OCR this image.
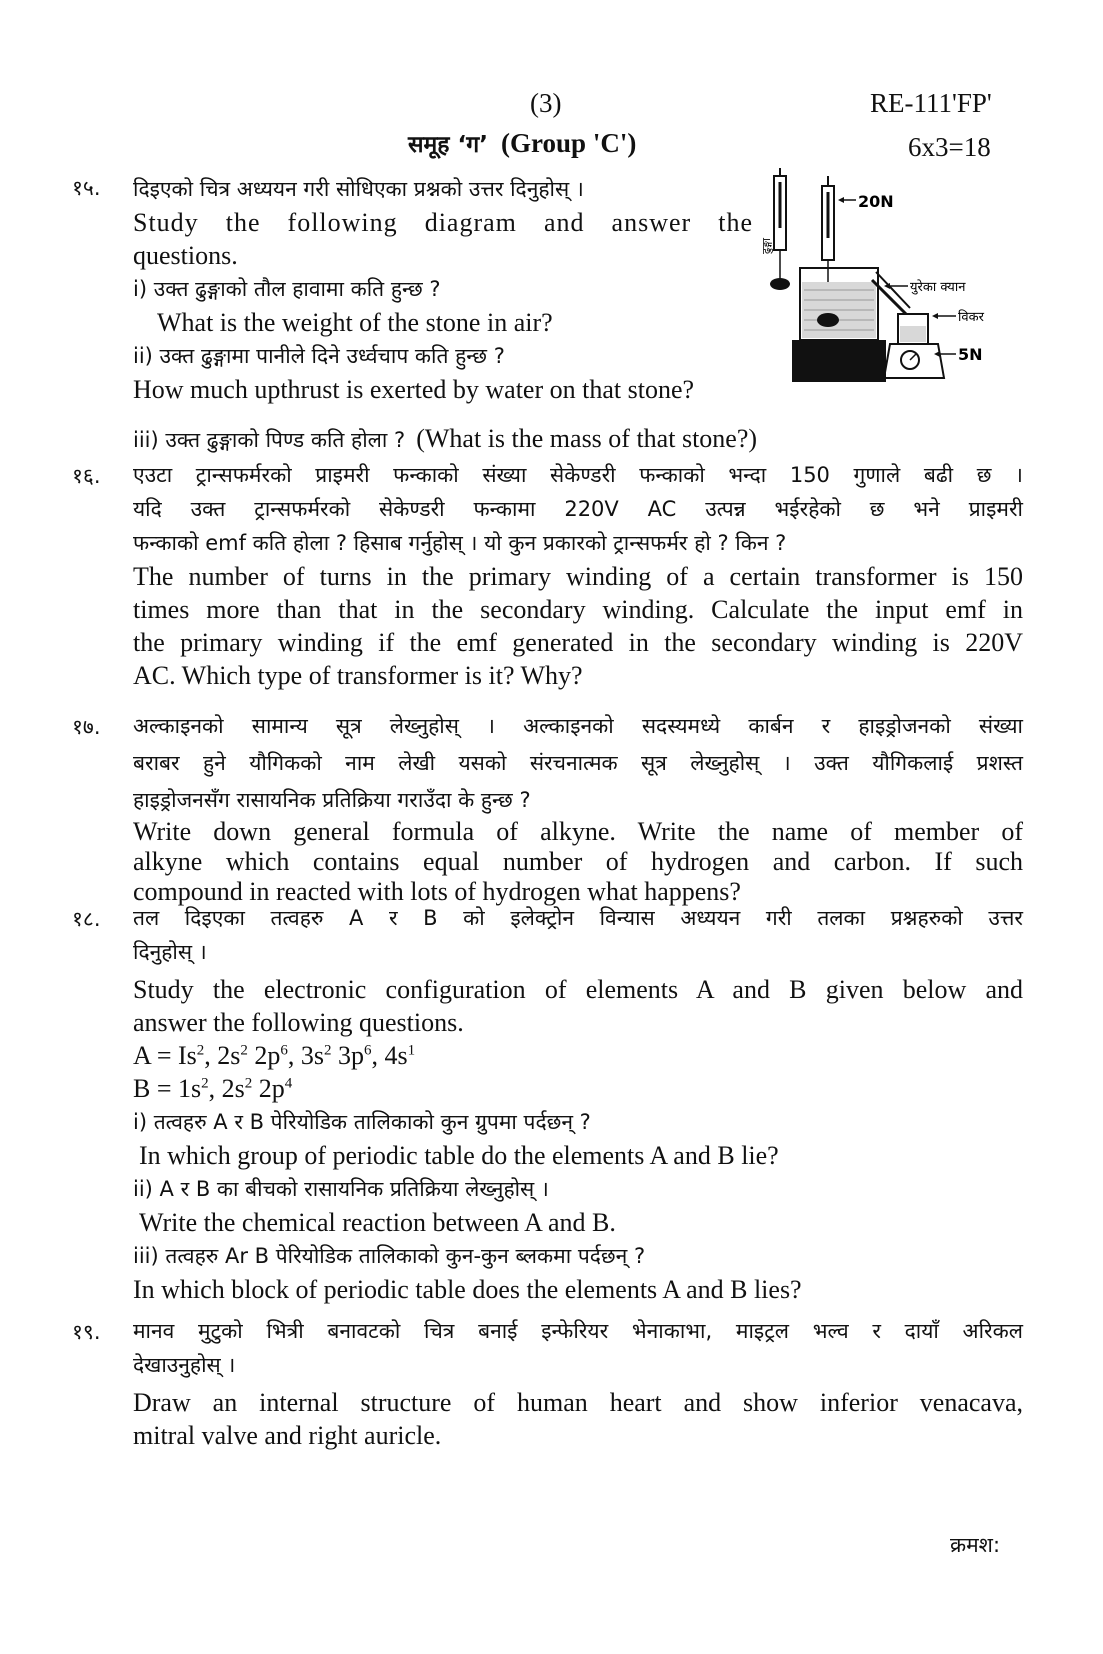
(3)	RE-111'FP'
समूह ‘ग’ (Group 'C')	6x3=18
१५. दिइएको चित्र अध्ययन गरी सोधिएका प्रश्नको उत्तर दिनुहोस् ।
Study the following diagram and answer the
questions.
i) उक्त ढुङ्गाको तौल हावामा कति हुन्छ ?
What is the weight of the stone in air?
ii) उक्त ढुङ्गामा पानीले दिने उर्ध्वचाप कति हुन्छ ?
How much upthrust is exerted by water on that stone?
iii) उक्त ढुङ्गाको पिण्ड कति होला ? (What is the mass of that stone?)
20N
ढुङ्गा
युरेका क्यान
विकर
5N
१६. एउटा ट्रान्सफर्मरको प्राइमरी फन्काको संख्या सेकेण्डरी फन्काको भन्दा 150 गुणाले बढी छ ।
यदि उक्त ट्रान्सफर्मरको सेकेण्डरी फन्कामा 220V AC उत्पन्न भईरहेको छ भने प्राइमरी
फन्काको emf कति होला ? हिसाब गर्नुहोस् । यो कुन प्रकारको ट्रान्सफर्मर हो ? किन ?
The number of turns in the primary winding of a certain transformer is 150
times more than that in the secondary winding. Calculate the input emf in
the primary winding if the emf generated in the secondary winding is 220V
AC. Which type of transformer is it? Why?
१७. अल्काइनको सामान्य सूत्र लेख्नुहोस् । अल्काइनको सदस्यमध्ये कार्बन र हाइड्रोजनको संख्या
बराबर हुने यौगिकको नाम लेखी यसको संरचनात्मक सूत्र लेख्नुहोस् । उक्त यौगिकलाई प्रशस्त
हाइड्रोजनसँग रासायनिक प्रतिक्रिया गराउँदा के हुन्छ ?
Write down general formula of alkyne. Write the name of member of
alkyne which contains equal number of hydrogen and carbon. If such
compound in reacted with lots of hydrogen what happens?
१८. तल दिइएका तत्वहरु A र B को इलेक्ट्रोन विन्यास अध्ययन गरी तलका प्रश्नहरुको उत्तर
दिनुहोस् ।
Study the electronic configuration of elements A and B given below and
answer the following questions.
$A = Is^2$, $2s^2$ $2p^6$, $3s^2$ $3p^6$, $4s^1$
$B = 1s^2$, $2s^2$ $2p^4$
i) तत्वहरु A र B पेरियोडिक तालिकाको कुन ग्रुपमा पर्दछन् ?
In which group of periodic table do the elements A and B lie?
ii) A र B का बीचको रासायनिक प्रतिक्रिया लेख्नुहोस् ।
Write the chemical reaction between A and B.
iii) तत्वहरु Ar B पेरियोडिक तालिकाको कुन-कुन ब्लकमा पर्दछन् ?
In which block of periodic table does the elements A and B lies?
१९. मानव मुटुको भित्री बनावटको चित्र बनाई इन्फेरियर भेनाकाभा, माइट्रल भल्व र दायाँ अरिकल
देखाउनुहोस् ।
Draw an internal structure of human heart and show inferior venacava,
mitral valve and right auricle.
क्रमश:
